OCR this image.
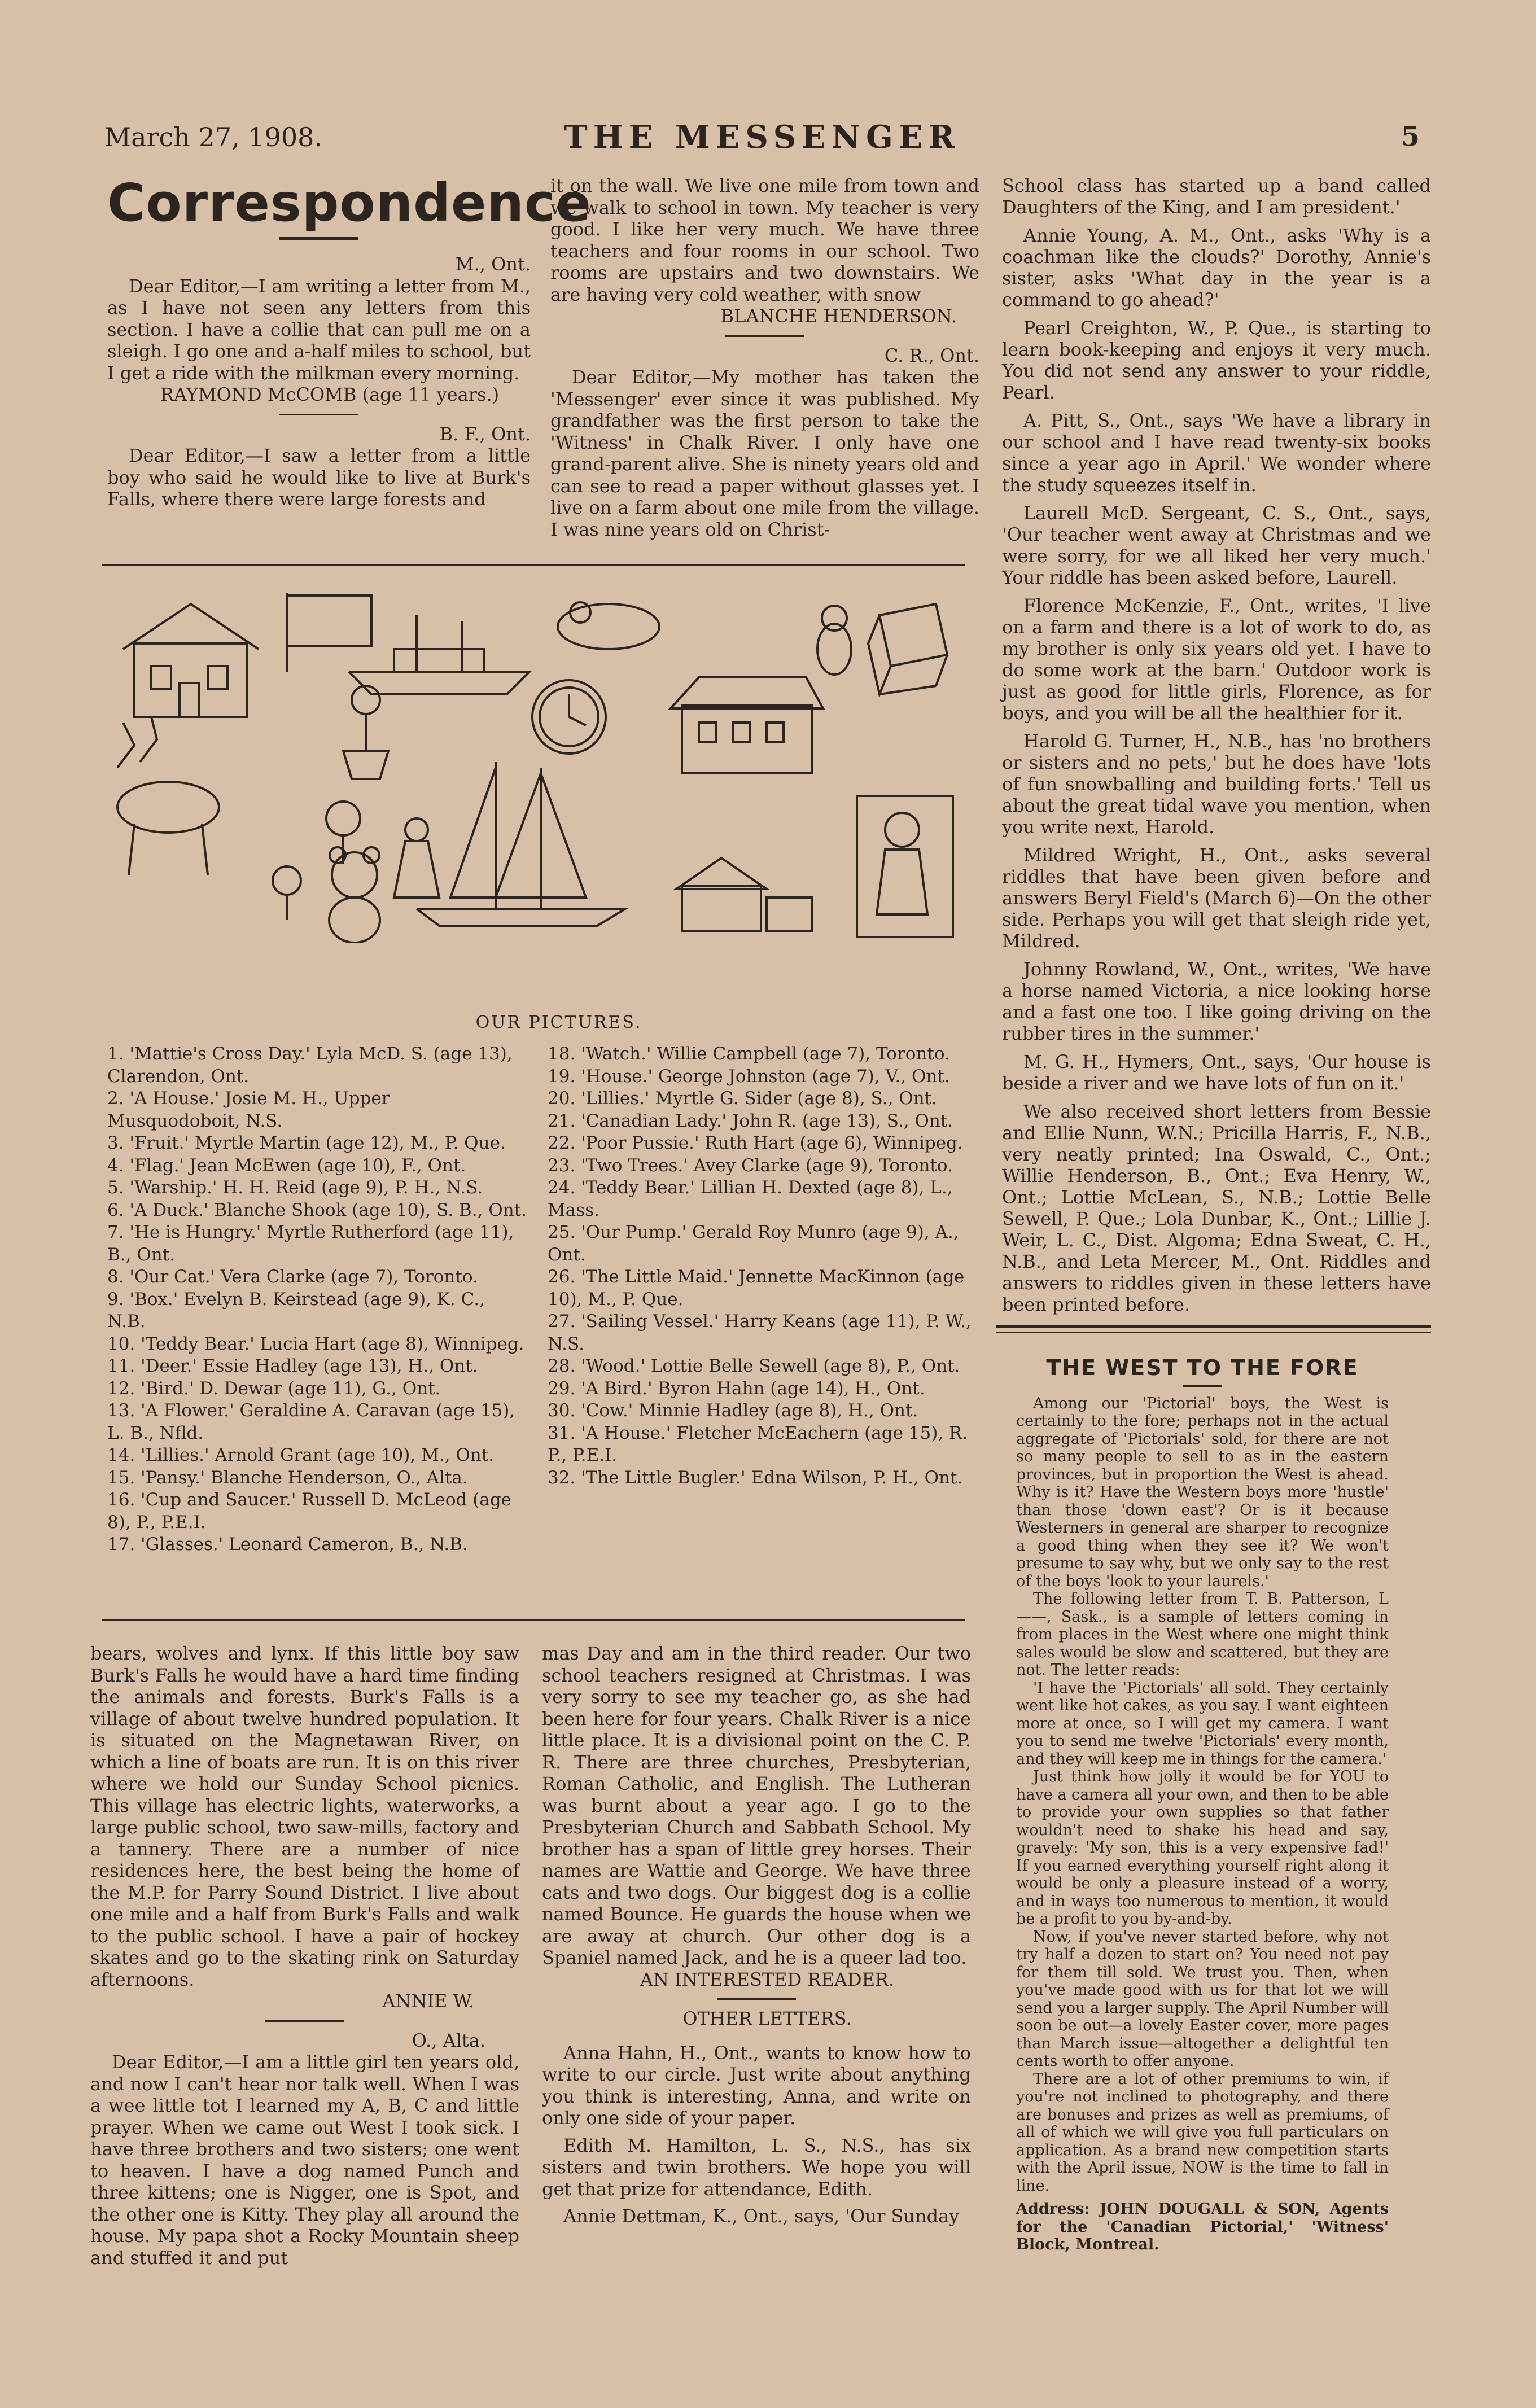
March 27, 1908.	THE MESSENGER	5
Correspondence

M., Ont.

Dear Editor,—I am writing a letter from M., as I have not seen any letters from this section. I have a collie that can pull me on a sleigh. I go one and a-half miles to school, but I get a ride with the milkman every morning.

RAYMOND McCOMB (age 11 years.)

B. F., Ont.

Dear Editor,—I saw a letter from a little boy who said he would like to live at Burk's Falls, where there were large forests and

it on the wall. We live one mile from town and we walk to school in town. My teacher is very good. I like her very much. We have three teachers and four rooms in our school. Two rooms are upstairs and two downstairs. We are having very cold weather, with snow

BLANCHE HENDERSON.

C. R., Ont.

Dear Editor,—My mother has taken the 'Messenger' ever since it was published. My grandfather was the first person to take the 'Witness' in Chalk River. I only have one grand-parent alive. She is ninety years old and can see to read a paper without glasses yet. I live on a farm about one mile from the village. I was nine years old on Christ-

OUR PICTURES.
1. 'Mattie's Cross Day.' Lyla McD. S. (age 13), Clarendon, Ont.
2. 'A House.' Josie M. H., Upper Musquodoboit, N.S.
3. 'Fruit.' Myrtle Martin (age 12), M., P. Que.
4. 'Flag.' Jean McEwen (age 10), F., Ont.
5. 'Warship.' H. H. Reid (age 9), P. H., N.S.
6. 'A Duck.' Blanche Shook (age 10), S. B., Ont.
7. 'He is Hungry.' Myrtle Rutherford (age 11), B., Ont.
8. 'Our Cat.' Vera Clarke (age 7), Toronto.
9. 'Box.' Evelyn B. Keirstead (age 9), K. C., N.B.
10. 'Teddy Bear.' Lucia Hart (age 8), Winnipeg.
11. 'Deer.' Essie Hadley (age 13), H., Ont.
12. 'Bird.' D. Dewar (age 11), G., Ont.
13. 'A Flower.' Geraldine A. Caravan (age 15), L. B., Nfld.
14. 'Lillies.' Arnold Grant (age 10), M., Ont.
15. 'Pansy.' Blanche Henderson, O., Alta.
16. 'Cup and Saucer.' Russell D. McLeod (age 8), P., P.E.I.
17. 'Glasses.' Leonard Cameron, B., N.B.
18. 'Watch.' Willie Campbell (age 7), Toronto.
19. 'House.' George Johnston (age 7), V., Ont.
20. 'Lillies.' Myrtle G. Sider (age 8), S., Ont.
21. 'Canadian Lady.' John R. (age 13), S., Ont.
22. 'Poor Pussie.' Ruth Hart (age 6), Winnipeg.
23. 'Two Trees.' Avey Clarke (age 9), Toronto.
24. 'Teddy Bear.' Lillian H. Dexted (age 8), L., Mass.
25. 'Our Pump.' Gerald Roy Munro (age 9), A., Ont.
26. 'The Little Maid.' Jennette MacKinnon (age 10), M., P. Que.
27. 'Sailing Vessel.' Harry Keans (age 11), P. W., N.S.
28. 'Wood.' Lottie Belle Sewell (age 8), P., Ont.
29. 'A Bird.' Byron Hahn (age 14), H., Ont.
30. 'Cow.' Minnie Hadley (age 8), H., Ont.
31. 'A House.' Fletcher McEachern (age 15), R. P., P.E.I.
32. 'The Little Bugler.' Edna Wilson, P. H., Ont.

bears, wolves and lynx. If this little boy saw Burk's Falls he would have a hard time finding the animals and forests. Burk's Falls is a village of about twelve hundred population. It is situated on the Magnetawan River, on which a line of boats are run. It is on this river where we hold our Sunday School picnics. This village has electric lights, waterworks, a large public school, two saw-mills, factory and a tannery. There are a number of nice residences here, the best being the home of the M.P. for Parry Sound District. I live about one mile and a half from Burk's Falls and walk to the public school. I have a pair of hockey skates and go to the skating rink on Saturday afternoons.

ANNIE W.

O., Alta.

Dear Editor,—I am a little girl ten years old, and now I can't hear nor talk well. When I was a wee little tot I learned my A, B, C and little prayer. When we came out West I took sick. I have three brothers and two sisters; one went to heaven. I have a dog named Punch and three kittens; one is Nigger, one is Spot, and the other one is Kitty. They play all around the house. My papa shot a Rocky Mountain sheep and stuffed it and put

mas Day and am in the third reader. Our two school teachers resigned at Christmas. I was very sorry to see my teacher go, as she had been here for four years. Chalk River is a nice little place. It is a divisional point on the C. P. R. There are three churches, Presbyterian, Roman Catholic, and English. The Lutheran was burnt about a year ago. I go to the Presbyterian Church and Sabbath School. My brother has a span of little grey horses. Their names are Wattie and George. We have three cats and two dogs. Our biggest dog is a collie named Bounce. He guards the house when we are away at church. Our other dog is a Spaniel named Jack, and he is a queer lad too.

AN INTERESTED READER.

OTHER LETTERS.

Anna Hahn, H., Ont., wants to know how to write to our circle. Just write about anything you think is interesting, Anna, and write on only one side of your paper.

Edith M. Hamilton, L. S., N.S., has six sisters and twin brothers. We hope you will get that prize for attendance, Edith.

Annie Dettman, K., Ont., says, 'Our Sunday

School class has started up a band called Daughters of the King, and I am president.'

Annie Young, A. M., Ont., asks 'Why is a coachman like the clouds?' Dorothy, Annie's sister, asks 'What day in the year is a command to go ahead?'

Pearl Creighton, W., P. Que., is starting to learn book-keeping and enjoys it very much. You did not send any answer to your riddle, Pearl.

A. Pitt, S., Ont., says 'We have a library in our school and I have read twenty-six books since a year ago in April.' We wonder where the study squeezes itself in.

Laurell McD. Sergeant, C. S., Ont., says, 'Our teacher went away at Christmas and we were sorry, for we all liked her very much.' Your riddle has been asked before, Laurell.

Florence McKenzie, F., Ont., writes, 'I live on a farm and there is a lot of work to do, as my brother is only six years old yet. I have to do some work at the barn.' Outdoor work is just as good for little girls, Florence, as for boys, and you will be all the healthier for it.

Harold G. Turner, H., N.B., has 'no brothers or sisters and no pets,' but he does have 'lots of fun snowballing and building forts.' Tell us about the great tidal wave you mention, when you write next, Harold.

Mildred Wright, H., Ont., asks several riddles that have been given before and answers Beryl Field's (March 6)—On the other side. Perhaps you will get that sleigh ride yet, Mildred.

Johnny Rowland, W., Ont., writes, 'We have a horse named Victoria, a nice looking horse and a fast one too. I like going driving on the rubber tires in the summer.'

M. G. H., Hymers, Ont., says, 'Our house is beside a river and we have lots of fun on it.'

We also received short letters from Bessie and Ellie Nunn, W.N.; Pricilla Harris, F., N.B., very neatly printed; Ina Oswald, C., Ont.; Willie Henderson, B., Ont.; Eva Henry, W., Ont.; Lottie McLean, S., N.B.; Lottie Belle Sewell, P. Que.; Lola Dunbar, K., Ont.; Lillie J. Weir, L. C., Dist. Algoma; Edna Sweat, C. H., N.B., and Leta Mercer, M., Ont. Riddles and answers to riddles given in these letters have been printed before.

THE WEST TO THE FORE

Among our 'Pictorial' boys, the West is certainly to the fore; perhaps not in the actual aggregate of 'Pictorials' sold, for there are not so many people to sell to as in the eastern provinces, but in proportion the West is ahead. Why is it? Have the Western boys more 'hustle' than those 'down east'? Or is it because Westerners in general are sharper to recognize a good thing when they see it? We won't presume to say why, but we only say to the rest of the boys 'look to your laurels.'

The following letter from T. B. Patterson, L——, Sask., is a sample of letters coming in from places in the West where one might think sales would be slow and scattered, but they are not. The letter reads:

'I have the 'Pictorials' all sold. They certainly went like hot cakes, as you say. I want eighteen more at once, so I will get my camera. I want you to send me twelve 'Pictorials' every month, and they will keep me in things for the camera.'

Just think how jolly it would be for YOU to have a camera all your own, and then to be able to provide your own supplies so that father wouldn't need to shake his head and say, gravely: 'My son, this is a very expensive fad!' If you earned everything yourself right along it would be only a pleasure instead of a worry, and in ways too numerous to mention, it would be a profit to you by-and-by.

Now, if you've never started before, why not try half a dozen to start on? You need not pay for them till sold. We trust you. Then, when you've made good with us for that lot we will send you a larger supply. The April Number will soon be out—a lovely Easter cover, more pages than March issue—altogether a delightful ten cents worth to offer anyone.

There are a lot of other premiums to win, if you're not inclined to photography, and there are bonuses and prizes as well as premiums, of all of which we will give you full particulars on application. As a brand new competition starts with the April issue, NOW is the time to fall in line.

Address: JOHN DOUGALL & SON, Agents for the 'Canadian Pictorial,' 'Witness' Block, Montreal.
